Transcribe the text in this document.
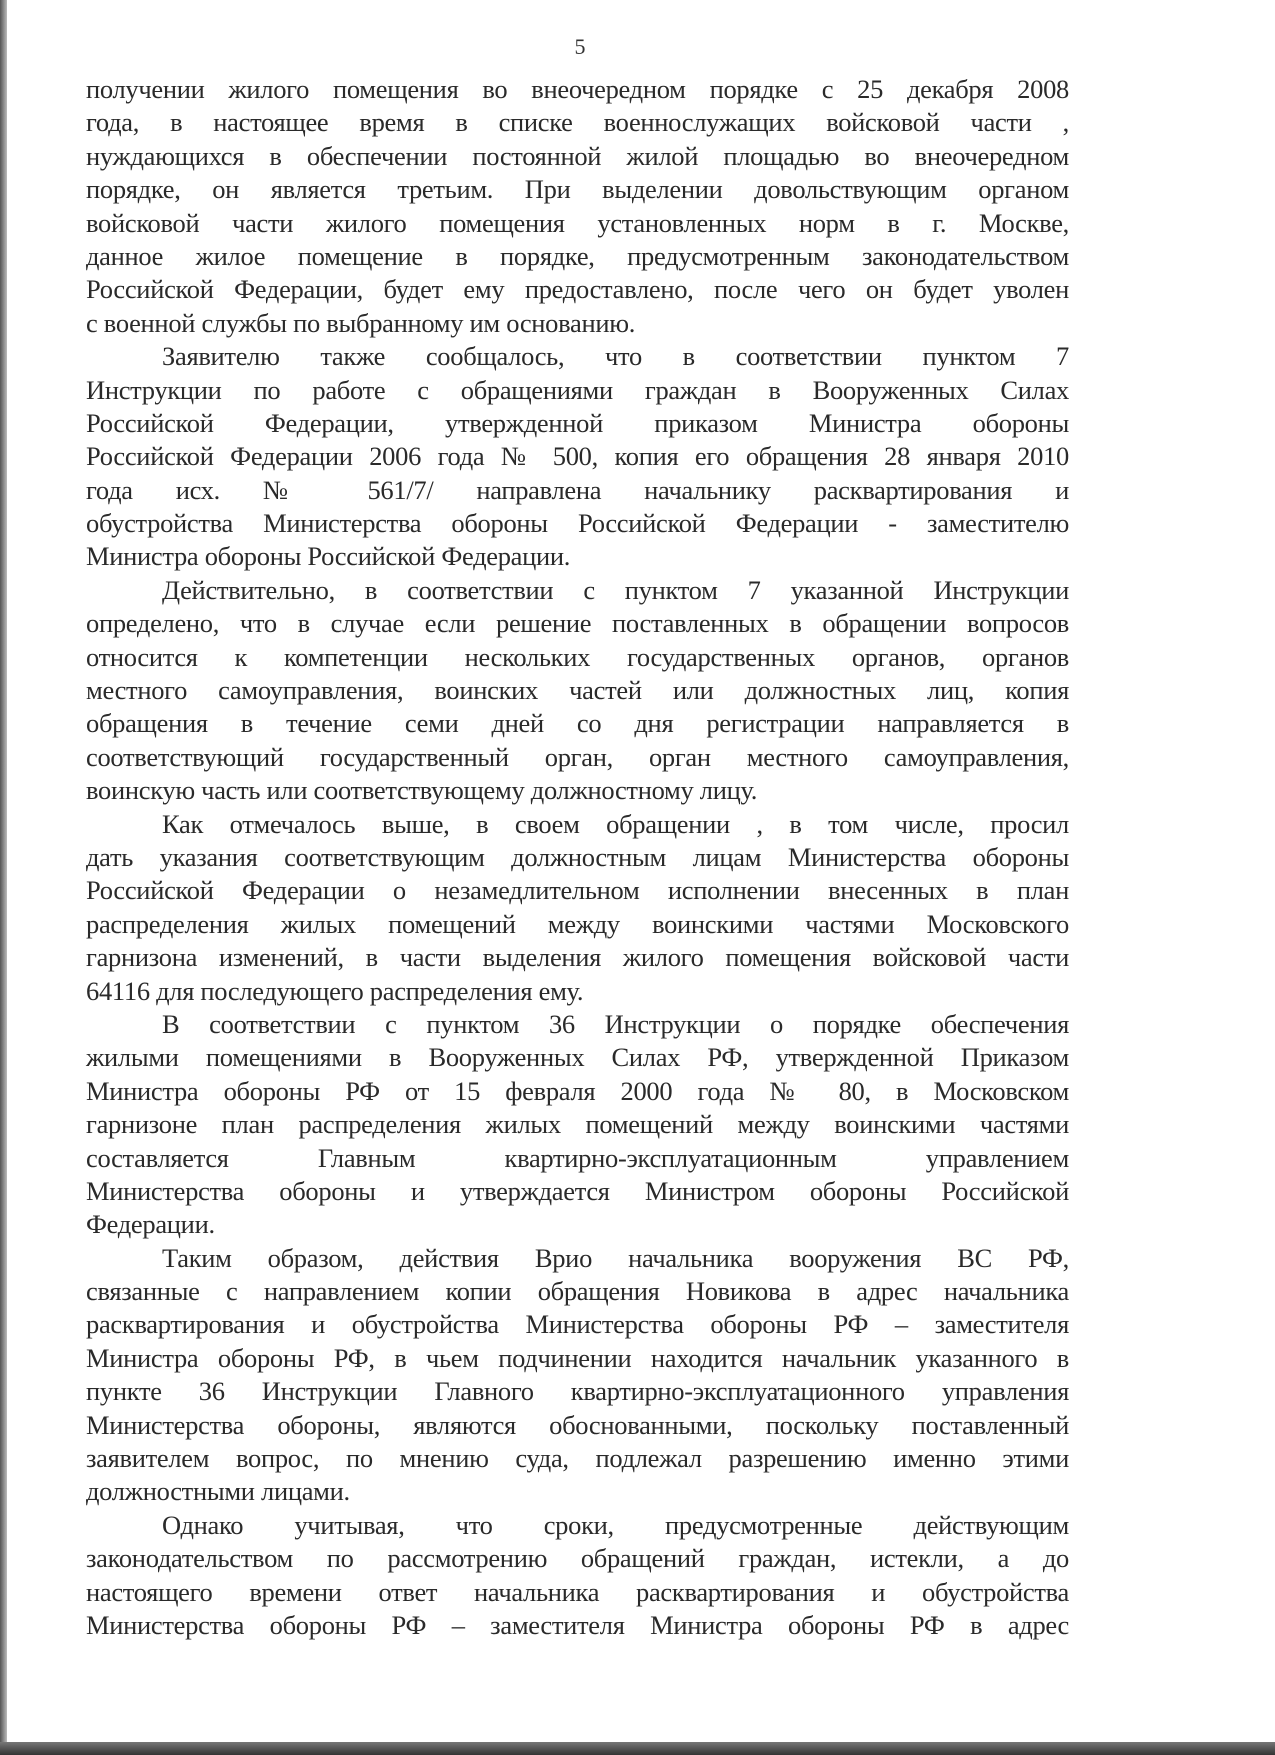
5
получении жилого помещения во внеочередном порядке с 25 декабря 2008
года, в настоящее время в списке военнослужащих войсковой части ,
нуждающихся в обеспечении постоянной жилой площадью во внеочередном
порядке, он является третьим. При выделении довольствующим органом
войсковой части жилого помещения установленных норм в г. Москве,
данное жилое помещение в порядке, предусмотренным законодательством
Российской Федерации, будет ему предоставлено, после чего он будет уволен
с военной службы по выбранному им основанию.
Заявителю также сообщалось, что в соответствии пунктом 7
Инструкции по работе с обращениями граждан в Вооруженных Силах
Российской Федерации, утвержденной приказом Министра обороны
Российской Федерации 2006 года № 500, копия его обращения 28 января 2010
года исх. № 561/7/ направлена начальнику расквартирования и
обустройства Министерства обороны Российской Федерации - заместителю
Министра обороны Российской Федерации.
Действительно, в соответствии с пунктом 7 указанной Инструкции
определено, что в случае если решение поставленных в обращении вопросов
относится к компетенции нескольких государственных органов, органов
местного самоуправления, воинских частей или должностных лиц, копия
обращения в течение семи дней со дня регистрации направляется в
соответствующий государственный орган, орган местного самоуправления,
воинскую часть или соответствующему должностному лицу.
Как отмечалось выше, в своем обращении , в том числе, просил
дать указания соответствующим должностным лицам Министерства обороны
Российской Федерации о незамедлительном исполнении внесенных в план
распределения жилых помещений между воинскими частями Московского
гарнизона изменений, в части выделения жилого помещения войсковой части
64116 для последующего распределения ему.
В соответствии с пунктом 36 Инструкции о порядке обеспечения
жилыми помещениями в Вооруженных Силах РФ, утвержденной Приказом
Министра обороны РФ от 15 февраля 2000 года № 80, в Московском
гарнизоне план распределения жилых помещений между воинскими частями
составляется Главным квартирно-эксплуатационным управлением
Министерства обороны и утверждается Министром обороны Российской
Федерации.
Таким образом, действия Врио начальника вооружения ВС РФ,
связанные с направлением копии обращения Новикова в адрес начальника
расквартирования и обустройства Министерства обороны РФ – заместителя
Министра обороны РФ, в чьем подчинении находится начальник указанного в
пункте 36 Инструкции Главного квартирно-эксплуатационного управления
Министерства обороны, являются обоснованными, поскольку поставленный
заявителем вопрос, по мнению суда, подлежал разрешению именно этими
должностными лицами.
Однако учитывая, что сроки, предусмотренные действующим
законодательством по рассмотрению обращений граждан, истекли, а до
настоящего времени ответ начальника расквартирования и обустройства
Министерства обороны РФ – заместителя Министра обороны РФ в адрес
